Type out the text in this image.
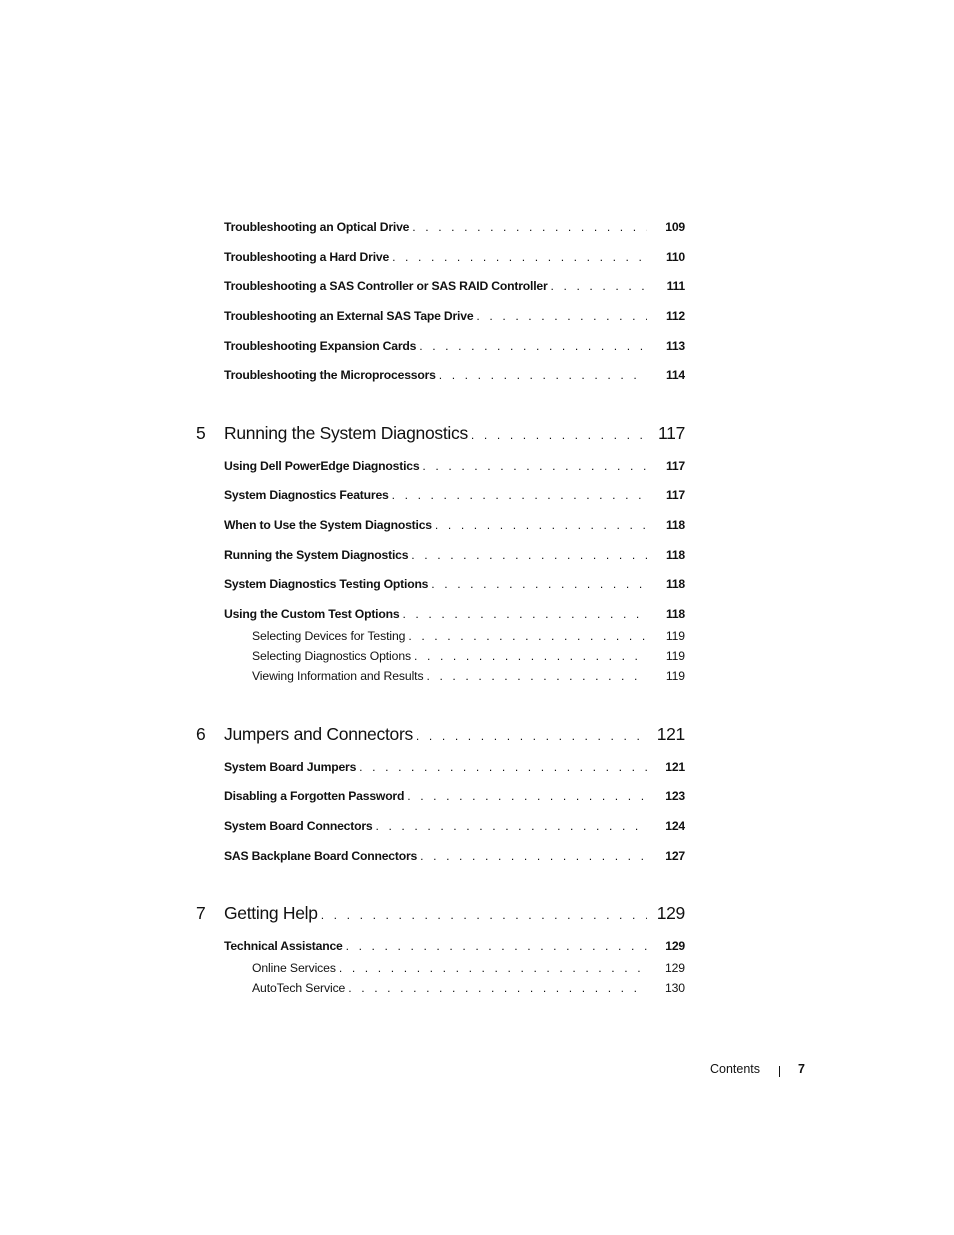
Troubleshooting an Optical Drive . . .	109
Troubleshooting a Hard Drive . . .	110
Troubleshooting a SAS Controller or SAS RAID Controller . . .	111
Troubleshooting an External SAS Tape Drive . . .	112
Troubleshooting Expansion Cards . . .	113
Troubleshooting the Microprocessors . . .	114
5	Running the System Diagnostics . . .	117
Using Dell PowerEdge Diagnostics . . .	117
System Diagnostics Features . . .	117
When to Use the System Diagnostics . . .	118
Running the System Diagnostics . . .	118
System Diagnostics Testing Options . . .	118
Using the Custom Test Options . . .	118
Selecting Devices for Testing . . .	119
Selecting Diagnostics Options . . .	119
Viewing Information and Results . . .	119
6	Jumpers and Connectors . . .	121
System Board Jumpers . . .	121
Disabling a Forgotten Password . . .	123
System Board Connectors . . .	124
SAS Backplane Board Connectors . . .	127
7	Getting Help . . .	129
Technical Assistance . . .	129
Online Services . . .	129
AutoTech Service . . .	130
Contents	7
